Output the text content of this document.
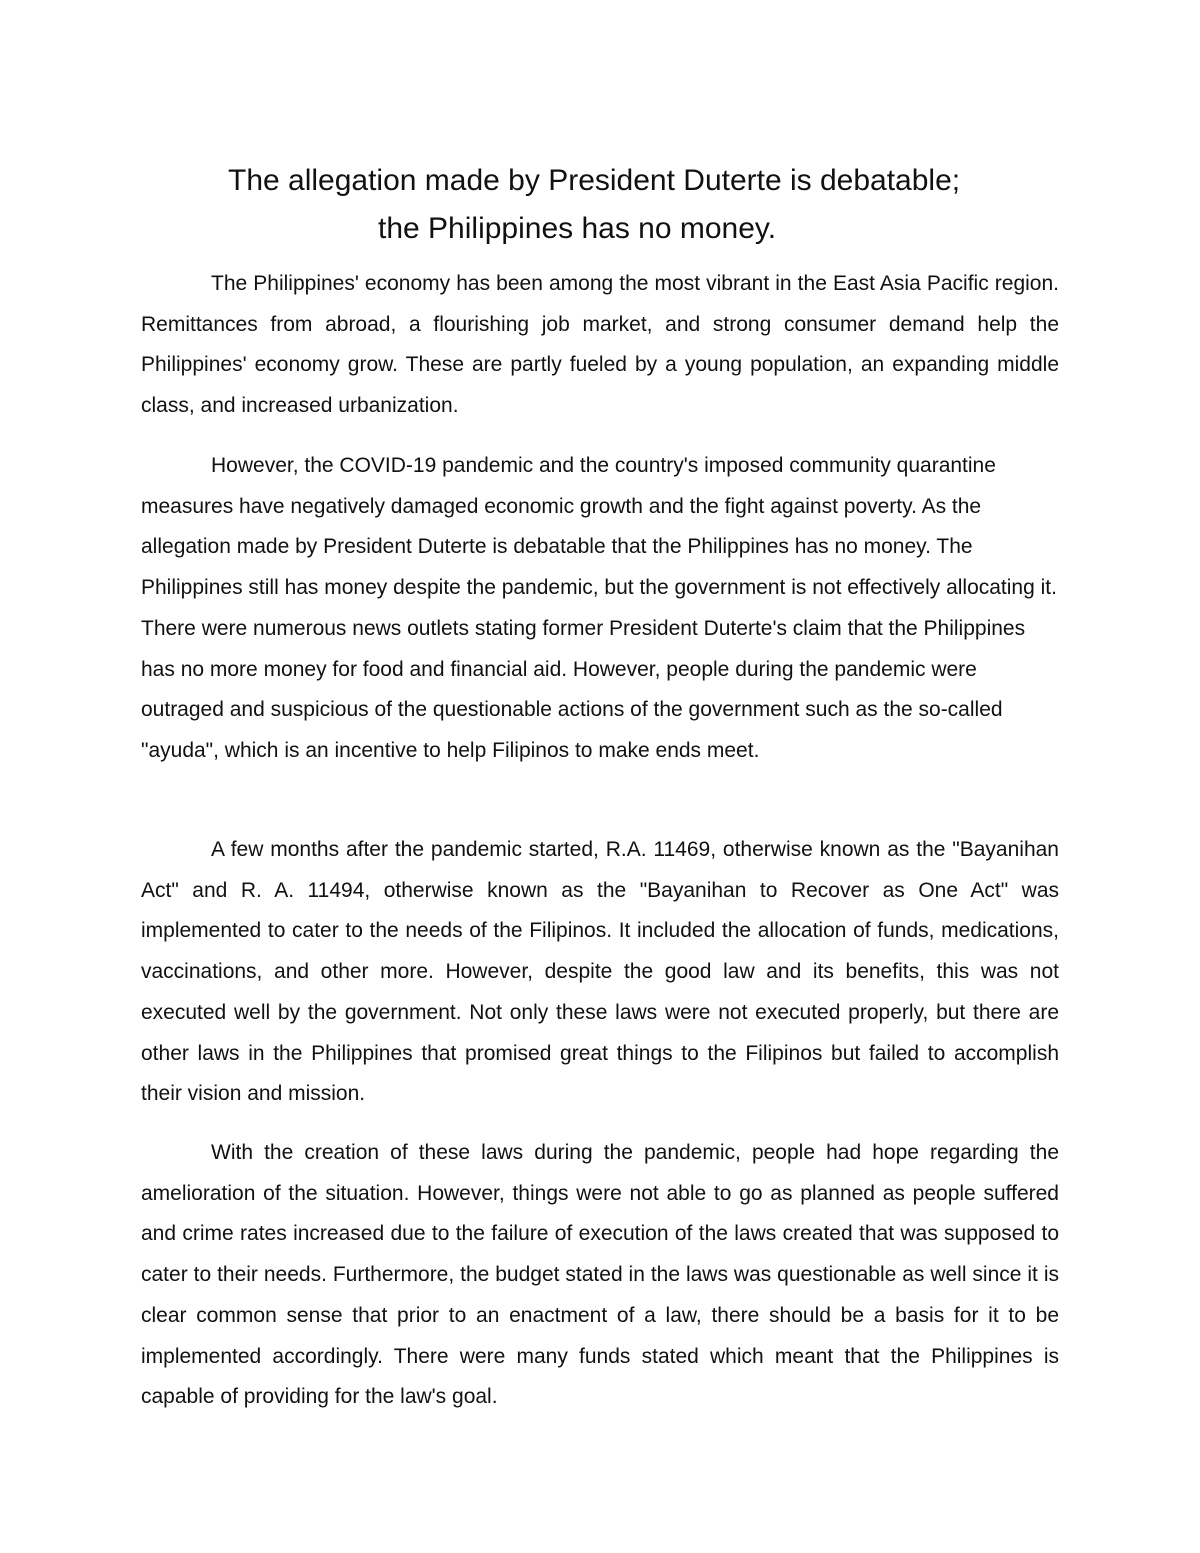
The allegation made by President Duterte is debatable;
the Philippines has no money.

The Philippines' economy has been among the most vibrant in the East Asia Pacific region. Remittances from abroad, a flourishing job market, and strong consumer demand help the Philippines' economy grow. These are partly fueled by a young population, an expanding middle class, and increased urbanization.

However, the COVID-19 pandemic and the country's imposed community quarantine measures have negatively damaged economic growth and the fight against poverty. As the allegation made by President Duterte is debatable that the Philippines has no money. The Philippines still has money despite the pandemic, but the government is not effectively allocating it. There were numerous news outlets stating former President Duterte's claim that the Philippines has no more money for food and financial aid. However, people during the pandemic were outraged and suspicious of the questionable actions of the government such as the so-called "ayuda", which is an incentive to help Filipinos to make ends meet.

A few months after the pandemic started, R.A. 11469, otherwise known as the "Bayanihan Act" and R. A. 11494, otherwise known as the "Bayanihan to Recover as One Act" was implemented to cater to the needs of the Filipinos. It included the allocation of funds, medications, vaccinations, and other more. However, despite the good law and its benefits, this was not executed well by the government. Not only these laws were not executed properly, but there are other laws in the Philippines that promised great things to the Filipinos but failed to accomplish their vision and mission.

With the creation of these laws during the pandemic, people had hope regarding the amelioration of the situation. However, things were not able to go as planned as people suffered and crime rates increased due to the failure of execution of the laws created that was supposed to cater to their needs. Furthermore, the budget stated in the laws was questionable as well since it is clear common sense that prior to an enactment of a law, there should be a basis for it to be implemented accordingly. There were many funds stated which meant that the Philippines is capable of providing for the law's goal.
